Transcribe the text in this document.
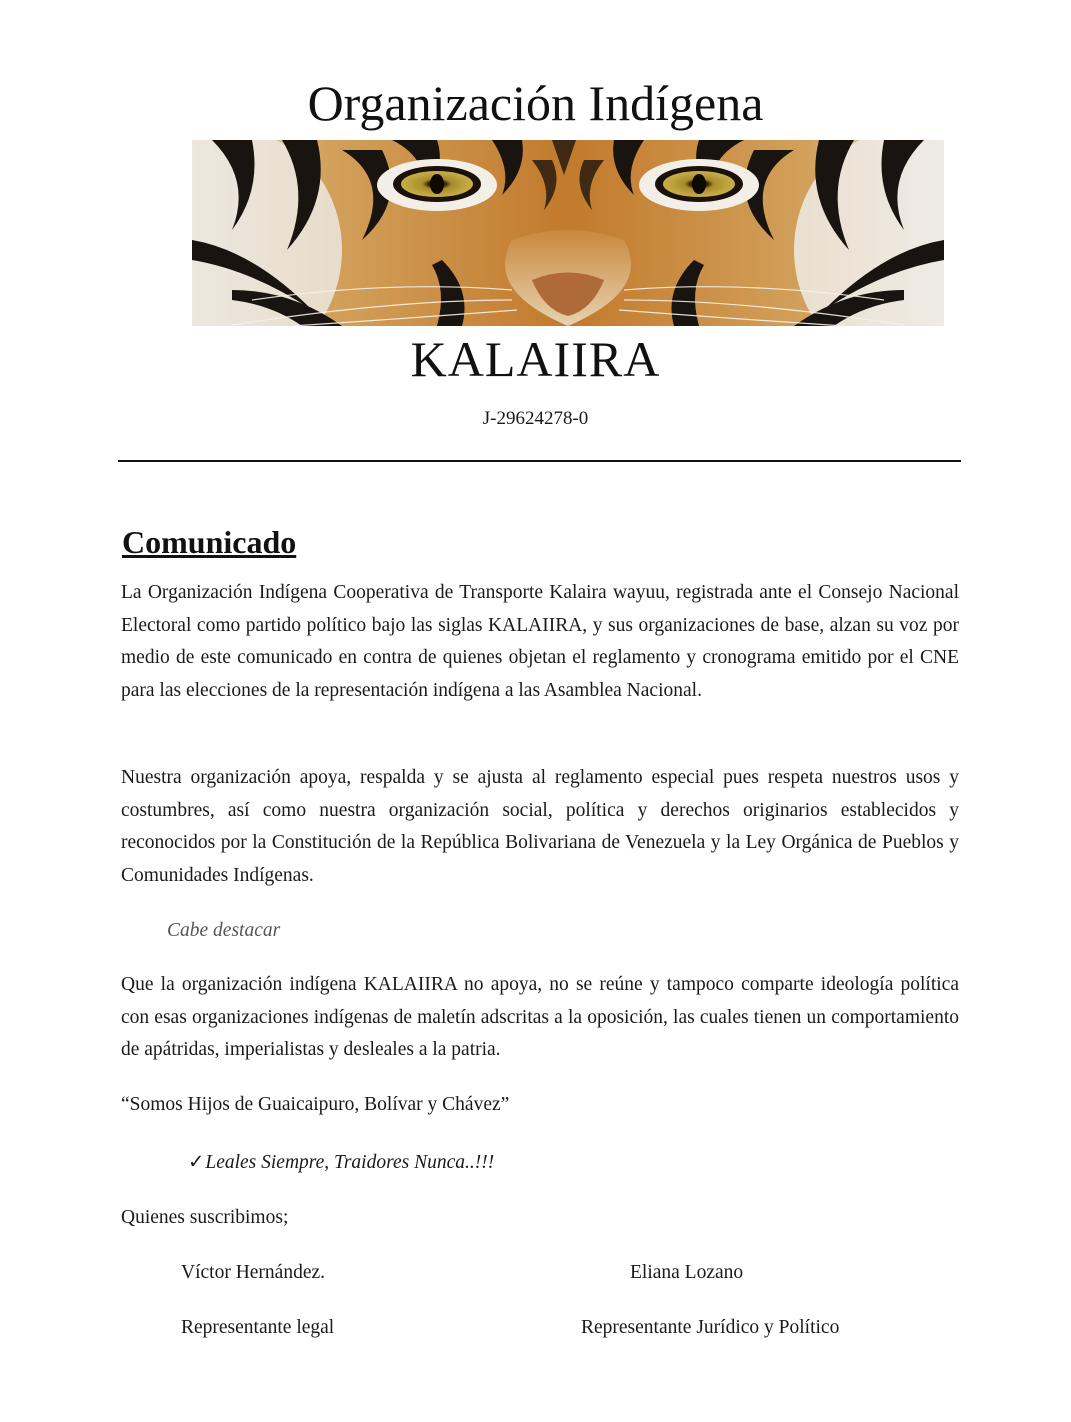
Organización Indígena
KALAIIRA
J-29624278-0
Comunicado
La Organización Indígena Cooperativa de Transporte Kalaira wayuu, registrada ante el Consejo Nacional Electoral como partido político bajo las siglas KALAIIRA, y sus organizaciones de base, alzan su voz por medio de este comunicado en contra de quienes objetan el reglamento y cronograma emitido por el CNE para las elecciones de la representación indígena a las Asamblea Nacional.
Nuestra organización apoya, respalda y se ajusta al reglamento especial pues respeta nuestros usos y costumbres, así como nuestra organización social, política y derechos originarios establecidos y reconocidos por la Constitución de la República Bolivariana de Venezuela y la Ley Orgánica de Pueblos y Comunidades Indígenas.
Cabe destacar
Que la organización indígena KALAIIRA no apoya, no se reúne y tampoco comparte ideología política con esas organizaciones indígenas de maletín adscritas a la oposición, las cuales tienen un comportamiento de apátridas, imperialistas y desleales a la patria.
“Somos Hijos de Guaicaipuro, Bolívar y Chávez”
✓Leales Siempre, Traidores Nunca..!!!
Quienes suscribimos;
Víctor Hernández.	Eliana Lozano
Representante legal	Representante Jurídico y Político
